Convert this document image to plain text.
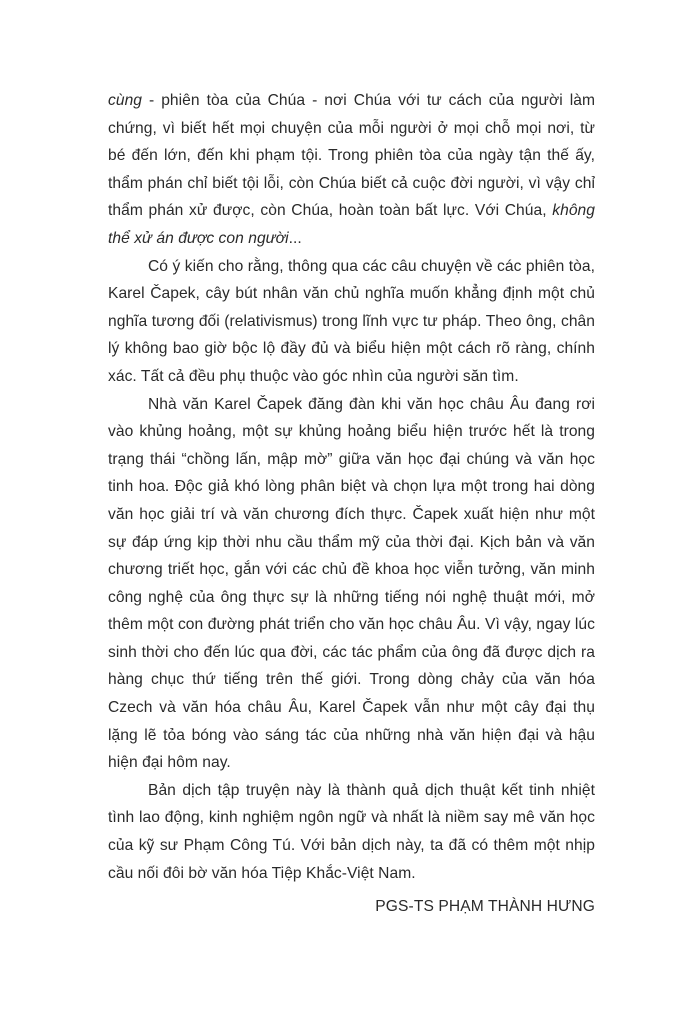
cùng - phiên tòa của Chúa - nơi Chúa với tư cách của người làm chứng, vì biết hết mọi chuyện của mỗi người ở mọi chỗ mọi nơi, từ bé đến lớn, đến khi phạm tội. Trong phiên tòa của ngày tận thế ấy, thẩm phán chỉ biết tội lỗi, còn Chúa biết cả cuộc đời người, vì vậy chỉ thẩm phán xử được, còn Chúa, hoàn toàn bất lực. Với Chúa, không thể xử án được con người...

Có ý kiến cho rằng, thông qua các câu chuyện về các phiên tòa, Karel Čapek, cây bút nhân văn chủ nghĩa muốn khẳng định một chủ nghĩa tương đối (relativismus) trong lĩnh vực tư pháp. Theo ông, chân lý không bao giờ bộc lộ đầy đủ và biểu hiện một cách rõ ràng, chính xác. Tất cả đều phụ thuộc vào góc nhìn của người săn tìm.

Nhà văn Karel Čapek đăng đàn khi văn học châu Âu đang rơi vào khủng hoảng, một sự khủng hoảng biểu hiện trước hết là trong trạng thái “chồng lấn, mập mờ” giữa văn học đại chúng và văn học tinh hoa. Độc giả khó lòng phân biệt và chọn lựa một trong hai dòng văn học giải trí và văn chương đích thực. Čapek xuất hiện như một sự đáp ứng kịp thời nhu cầu thẩm mỹ của thời đại. Kịch bản và văn chương triết học, gắn với các chủ đề khoa học viễn tưởng, văn minh công nghệ của ông thực sự là những tiếng nói nghệ thuật mới, mở thêm một con đường phát triển cho văn học châu Âu. Vì vậy, ngay lúc sinh thời cho đến lúc qua đời, các tác phẩm của ông đã được dịch ra hàng chục thứ tiếng trên thế giới. Trong dòng chảy của văn hóa Czech và văn hóa châu Âu, Karel Čapek vẫn như một cây đại thụ lặng lẽ tỏa bóng vào sáng tác của những nhà văn hiện đại và hậu hiện đại hôm nay.

Bản dịch tập truyện này là thành quả dịch thuật kết tinh nhiệt tình lao động, kinh nghiệm ngôn ngữ và nhất là niềm say mê văn học của kỹ sư Phạm Công Tú. Với bản dịch này, ta đã có thêm một nhịp cầu nối đôi bờ văn hóa Tiệp Khắc-Việt Nam.

PGS-TS PHẠM THÀNH HƯNG
